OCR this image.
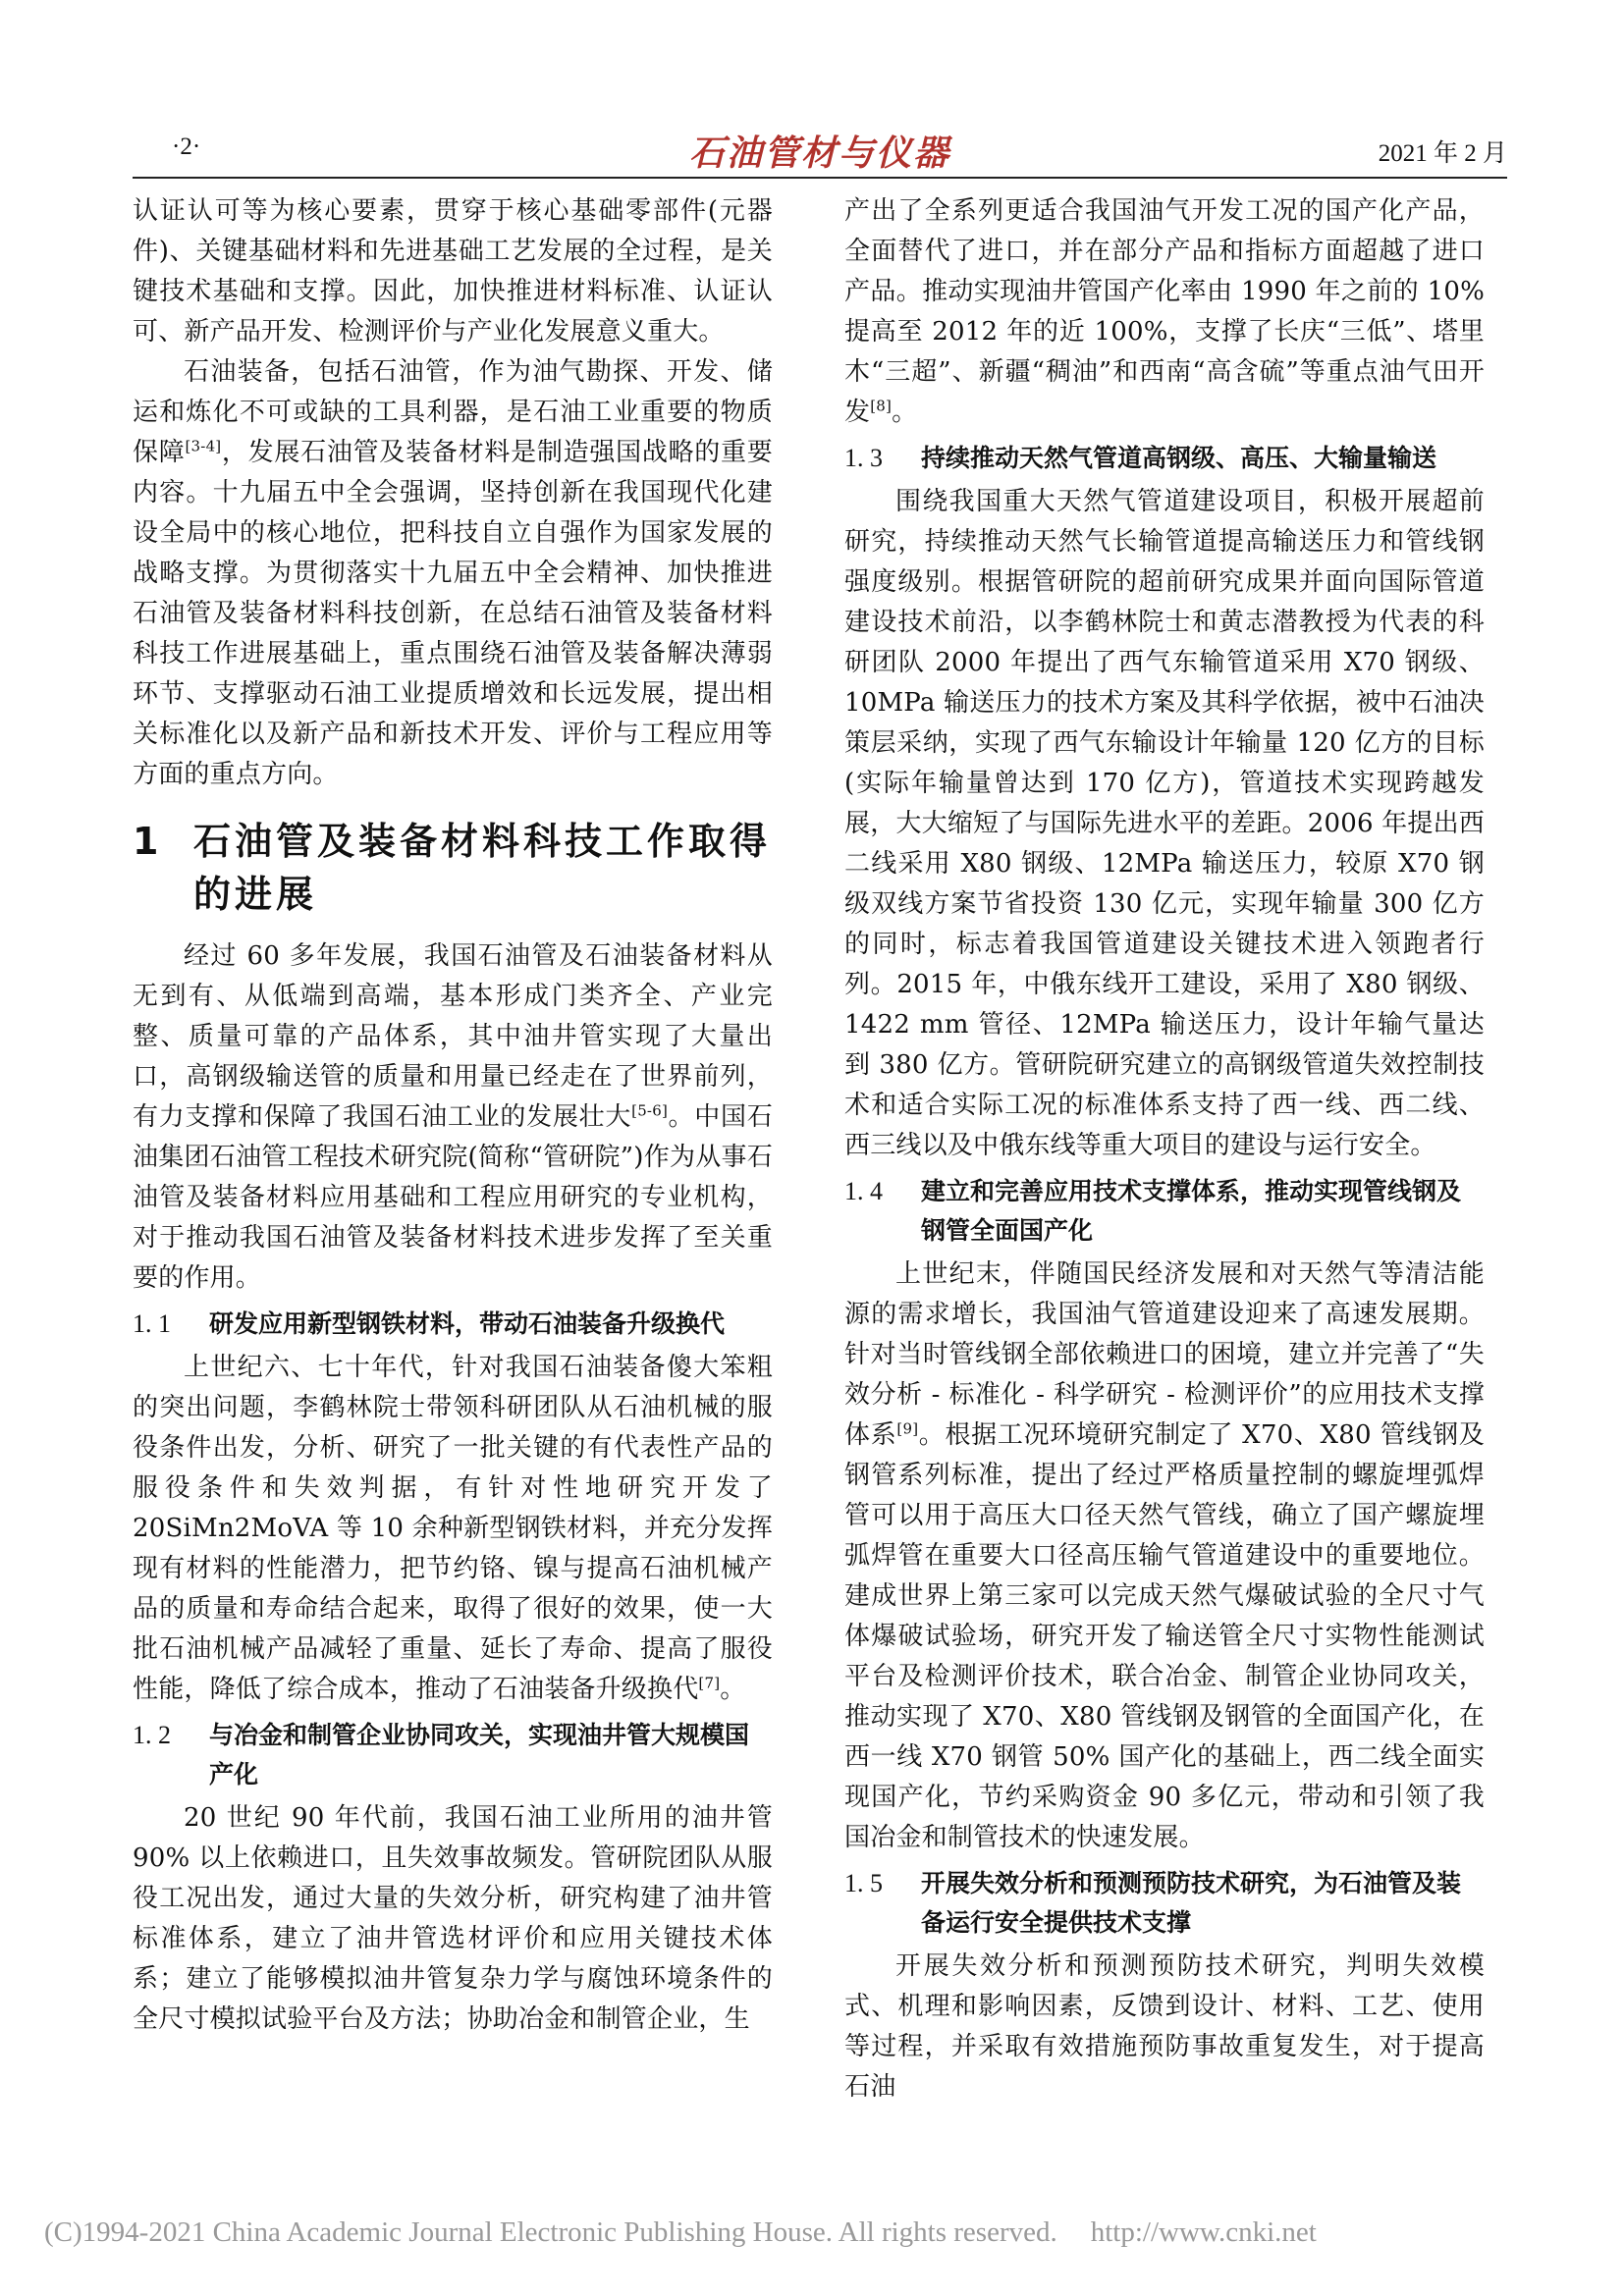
·2·	石油管材与仪器	2021 年 2 月

认证认可等为核心要素，贯穿于核心基础零部件(元器件)、关键基础材料和先进基础工艺发展的全过程，是关键技术基础和支撑。因此，加快推进材料标准、认证认可、新产品开发、检测评价与产业化发展意义重大。

石油装备，包括石油管，作为油气勘探、开发、储运和炼化不可或缺的工具利器，是石油工业重要的物质保障[3-4]，发展石油管及装备材料是制造强国战略的重要内容。十九届五中全会强调，坚持创新在我国现代化建设全局中的核心地位，把科技自立自强作为国家发展的战略支撑。为贯彻落实十九届五中全会精神、加快推进石油管及装备材料科技创新，在总结石油管及装备材料科技工作进展基础上，重点围绕石油管及装备解决薄弱环节、支撑驱动石油工业提质增效和长远发展，提出相关标准化以及新产品和新技术开发、评价与工程应用等方面的重点方向。

1 石油管及装备材料科技工作取得的进展

经过 60 多年发展，我国石油管及石油装备材料从无到有、从低端到高端，基本形成门类齐全、产业完整、质量可靠的产品体系，其中油井管实现了大量出口，高钢级输送管的质量和用量已经走在了世界前列，有力支撑和保障了我国石油工业的发展壮大[5-6]。中国石油集团石油管工程技术研究院(简称“管研院”)作为从事石油管及装备材料应用基础和工程应用研究的专业机构，对于推动我国石油管及装备材料技术进步发挥了至关重要的作用。

1. 1	研发应用新型钢铁材料，带动石油装备升级换代

上世纪六、七十年代，针对我国石油装备傻大笨粗的突出问题，李鹤林院士带领科研团队从石油机械的服役条件出发，分析、研究了一批关键的有代表性产品的服役条件和失效判据，有针对性地研究开发了 20SiMn2MoVA 等 10 余种新型钢铁材料，并充分发挥现有材料的性能潜力，把节约铬、镍与提高石油机械产品的质量和寿命结合起来，取得了很好的效果，使一大批石油机械产品减轻了重量、延长了寿命、提高了服役性能，降低了综合成本，推动了石油装备升级换代[7]。

1. 2	与冶金和制管企业协同攻关，实现油井管大规模国产化

20 世纪 90 年代前，我国石油工业所用的油井管 90% 以上依赖进口，且失效事故频发。管研院团队从服役工况出发，通过大量的失效分析，研究构建了油井管标准体系，建立了油井管选材评价和应用关键技术体系；建立了能够模拟油井管复杂力学与腐蚀环境条件的全尺寸模拟试验平台及方法；协助冶金和制管企业，生

产出了全系列更适合我国油气开发工况的国产化产品，全面替代了进口，并在部分产品和指标方面超越了进口产品。推动实现油井管国产化率由 1990 年之前的 10% 提高至 2012 年的近 100%，支撑了长庆“三低”、塔里木“三超”、新疆“稠油”和西南“高含硫”等重点油气田开发[8]。

1. 3	持续推动天然气管道高钢级、高压、大输量输送

围绕我国重大天然气管道建设项目，积极开展超前研究，持续推动天然气长输管道提高输送压力和管线钢强度级别。根据管研院的超前研究成果并面向国际管道建设技术前沿，以李鹤林院士和黄志潜教授为代表的科研团队 2000 年提出了西气东输管道采用 X70 钢级、10MPa 输送压力的技术方案及其科学依据，被中石油决策层采纳，实现了西气东输设计年输量 120 亿方的目标(实际年输量曾达到 170 亿方)，管道技术实现跨越发展，大大缩短了与国际先进水平的差距。2006 年提出西二线采用 X80 钢级、12MPa 输送压力，较原 X70 钢级双线方案节省投资 130 亿元，实现年输量 300 亿方的同时，标志着我国管道建设关键技术进入领跑者行列。2015 年，中俄东线开工建设，采用了 X80 钢级、1422 mm 管径、12MPa 输送压力，设计年输气量达到 380 亿方。管研院研究建立的高钢级管道失效控制技术和适合实际工况的标准体系支持了西一线、西二线、西三线以及中俄东线等重大项目的建设与运行安全。

1. 4	建立和完善应用技术支撑体系，推动实现管线钢及钢管全面国产化

上世纪末，伴随国民经济发展和对天然气等清洁能源的需求增长，我国油气管道建设迎来了高速发展期。针对当时管线钢全部依赖进口的困境，建立并完善了“失效分析 - 标准化 - 科学研究 - 检测评价”的应用技术支撑体系[9]。根据工况环境研究制定了 X70、X80 管线钢及钢管系列标准，提出了经过严格质量控制的螺旋埋弧焊管可以用于高压大口径天然气管线，确立了国产螺旋埋弧焊管在重要大口径高压输气管道建设中的重要地位。建成世界上第三家可以完成天然气爆破试验的全尺寸气体爆破试验场，研究开发了输送管全尺寸实物性能测试平台及检测评价技术，联合冶金、制管企业协同攻关，推动实现了 X70、X80 管线钢及钢管的全面国产化，在西一线 X70 钢管 50% 国产化的基础上，西二线全面实现国产化，节约采购资金 90 多亿元，带动和引领了我国冶金和制管技术的快速发展。

1. 5	开展失效分析和预测预防技术研究，为石油管及装备运行安全提供技术支撑

开展失效分析和预测预防技术研究，判明失效模式、机理和影响因素，反馈到设计、材料、工艺、使用等过程，并采取有效措施预防事故重复发生，对于提高石油

(C)1994-2021 China Academic Journal Electronic Publishing House. All rights reserved. http://www.cnki.net
